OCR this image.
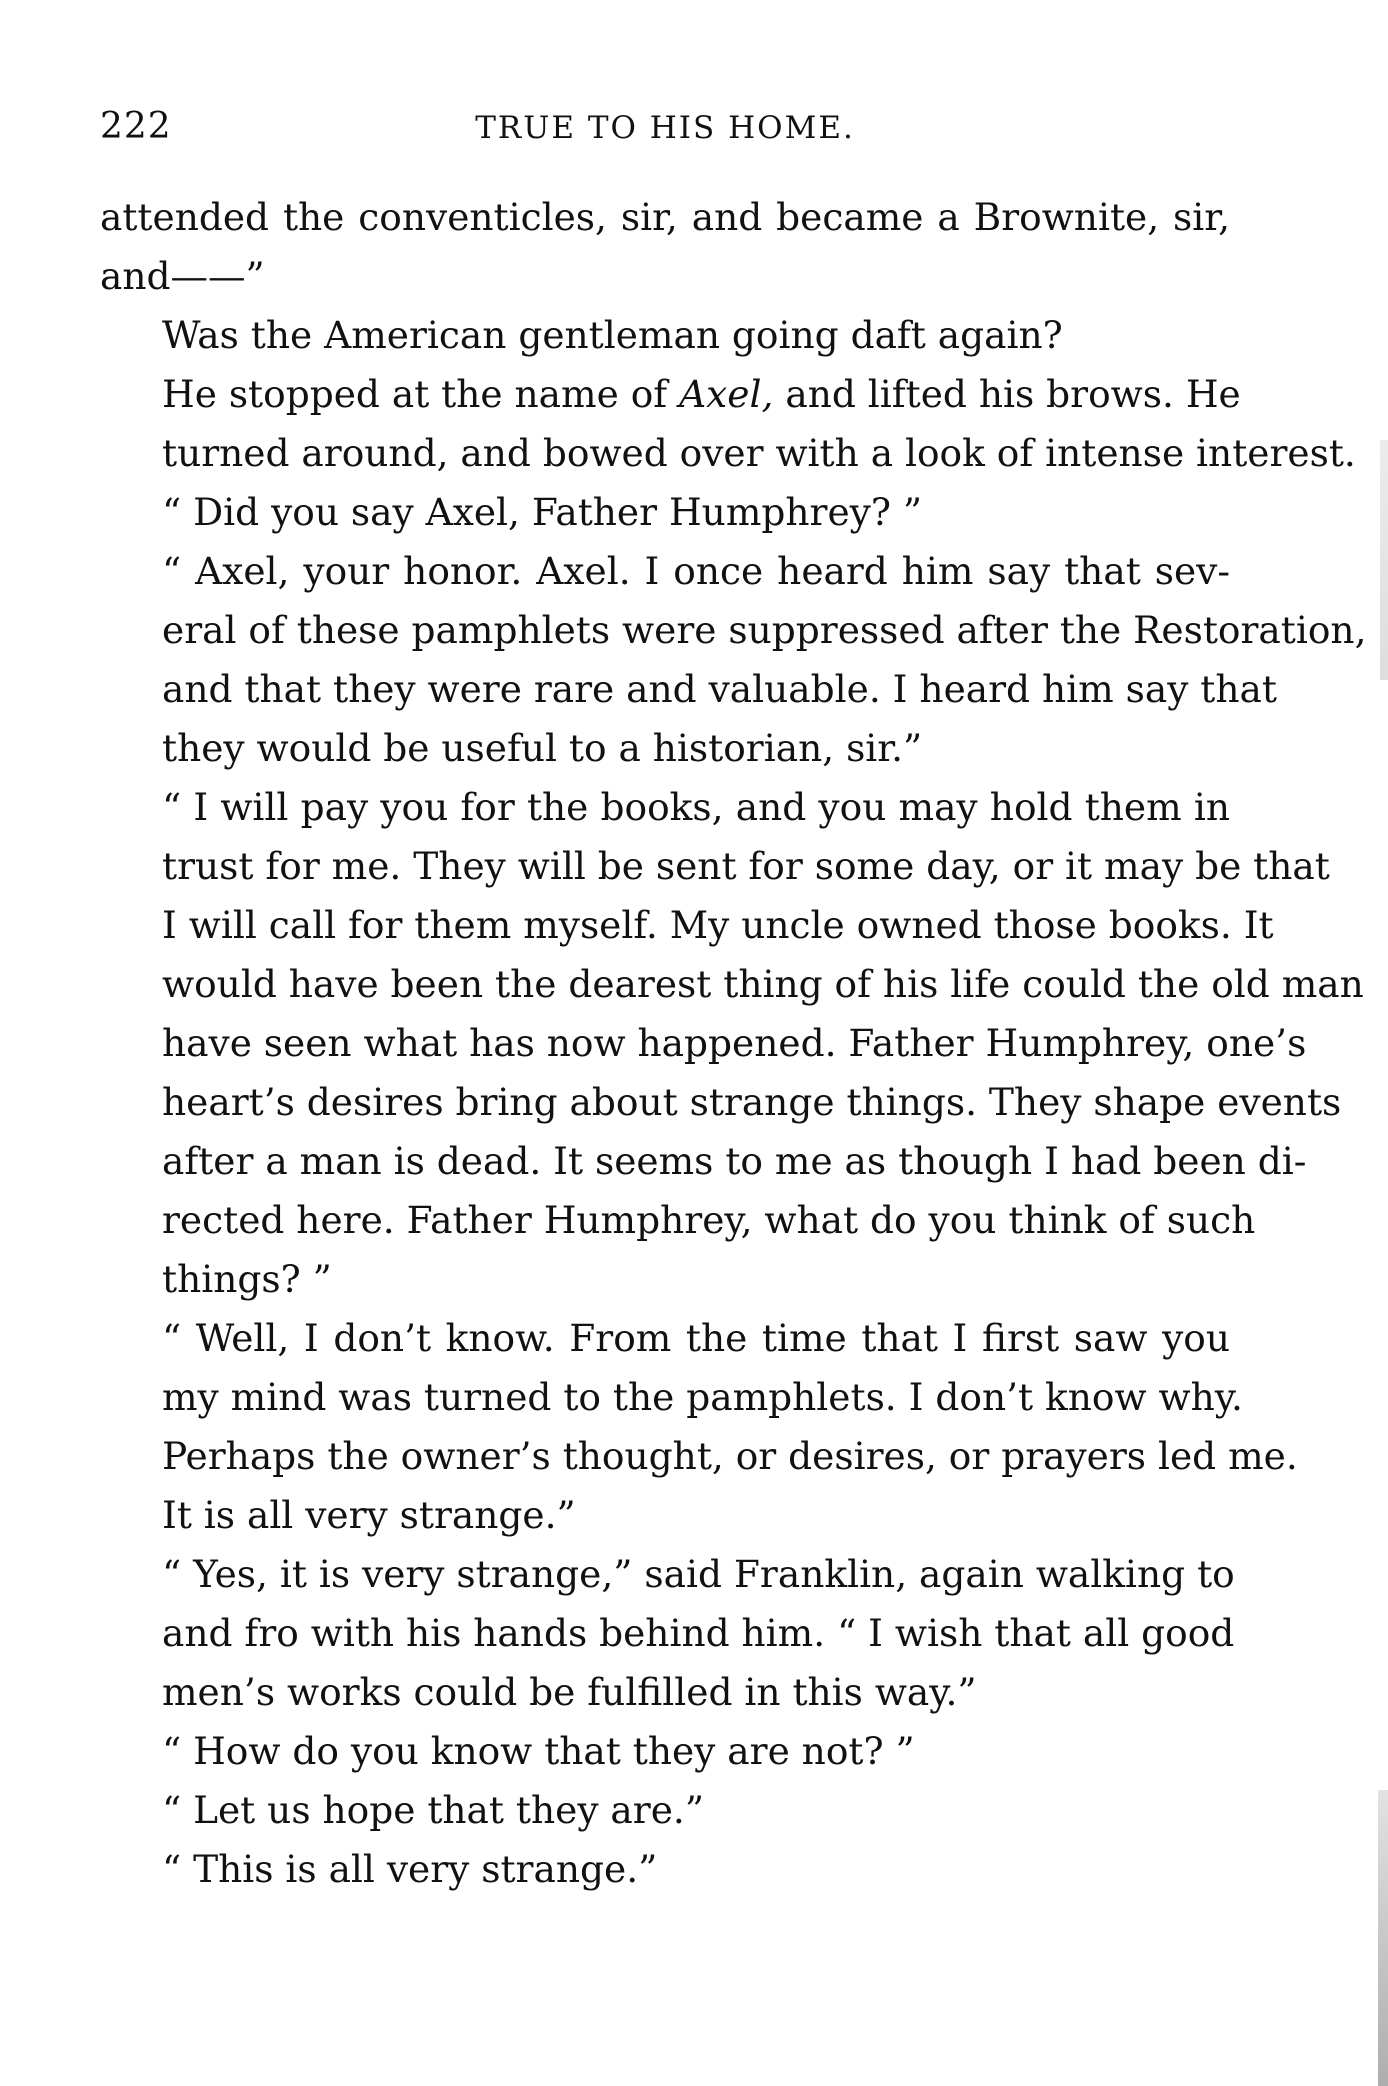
222	TRUE TO HIS HOME.

attended the conventicles, sir, and became a Brownite, sir,
and——”

Was the American gentleman going daft again?

He stopped at the name of Axel, and lifted his brows. He
turned around, and bowed over with a look of intense interest.

“ Did you say Axel, Father Humphrey? ”

“ Axel, your honor. Axel. I once heard him say that sev-
eral of these pamphlets were suppressed after the Restoration,
and that they were rare and valuable. I heard him say that
they would be useful to a historian, sir.”

“ I will pay you for the books, and you may hold them in
trust for me. They will be sent for some day, or it may be that
I will call for them myself. My uncle owned those books. It
would have been the dearest thing of his life could the old man
have seen what has now happened. Father Humphrey, one’s
heart’s desires bring about strange things. They shape events
after a man is dead. It seems to me as though I had been di-
rected here. Father Humphrey, what do you think of such
things? ”

“ Well, I don’t know. From the time that I first saw you
my mind was turned to the pamphlets. I don’t know why.
Perhaps the owner’s thought, or desires, or prayers led me.
It is all very strange.”

“ Yes, it is very strange,” said Franklin, again walking to
and fro with his hands behind him. “ I wish that all good
men’s works could be fulfilled in this way.”

“ How do you know that they are not? ”

“ Let us hope that they are.”

“ This is all very strange.”
